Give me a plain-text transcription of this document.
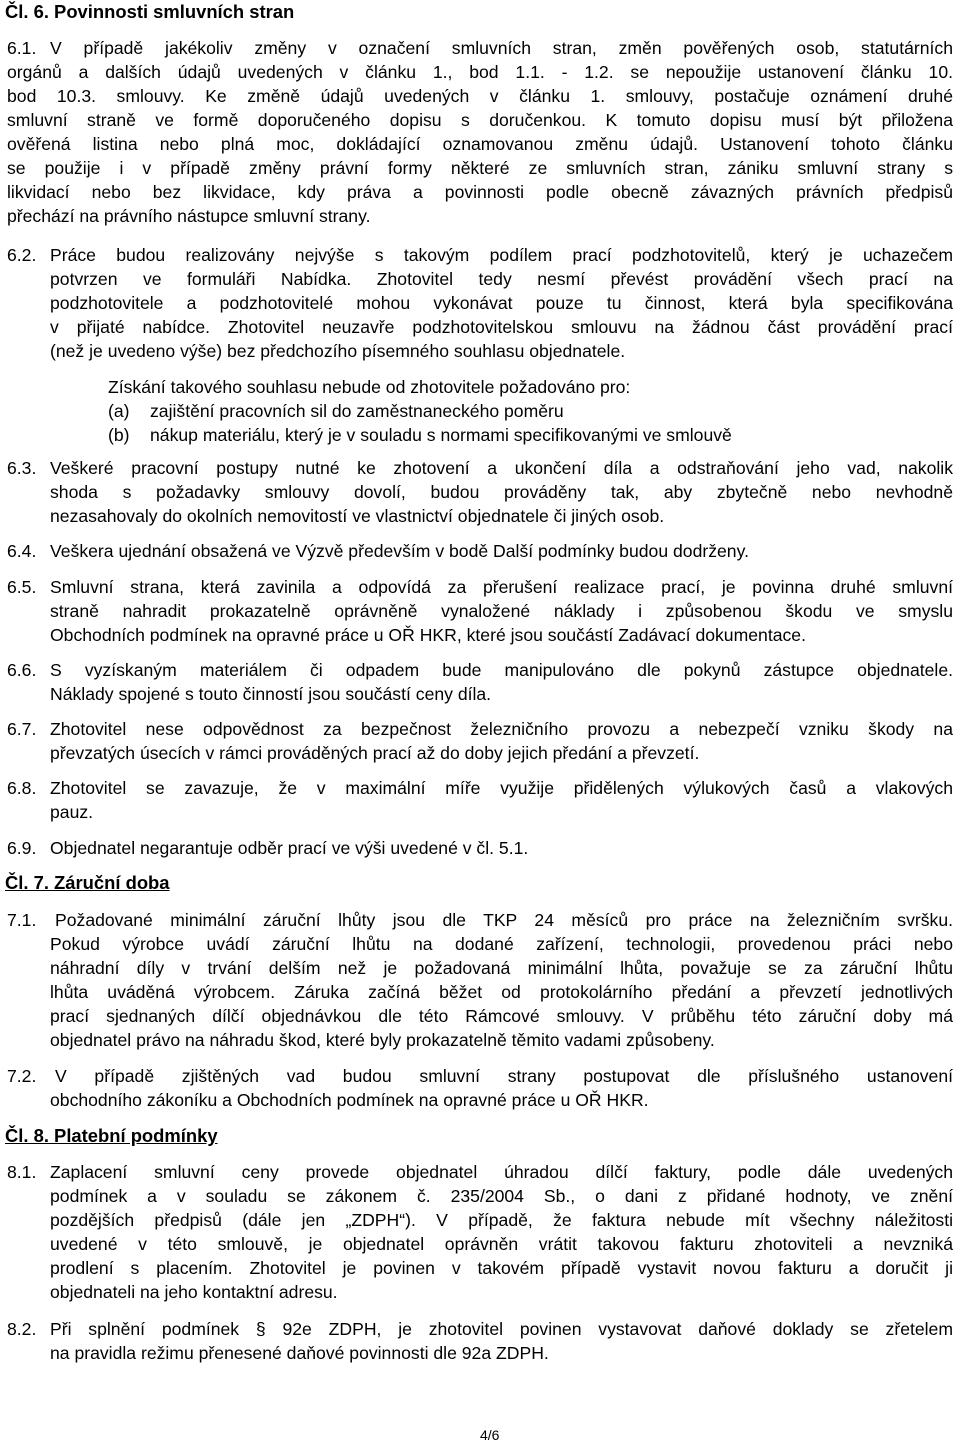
Čl. 6. Povinnosti smluvních stran
6.1. V případě jakékoliv změny v označení smluvních stran, změn pověřených osob, statutárních
orgánů a dalších údajů uvedených v článku 1., bod 1.1. - 1.2. se nepoužije ustanovení článku 10.
bod 10.3. smlouvy. Ke změně údajů uvedených v článku 1. smlouvy, postačuje oznámení druhé
smluvní straně ve formě doporučeného dopisu s doručenkou. K tomuto dopisu musí být přiložena
ověřená listina nebo plná moc, dokládající oznamovanou změnu údajů. Ustanovení tohoto článku
se použije i v případě změny právní formy některé ze smluvních stran, zániku smluvní strany s
likvidací nebo bez likvidace, kdy práva a povinnosti podle obecně závazných právních předpisů
přechází na právního nástupce smluvní strany.
6.2. Práce budou realizovány nejvýše s takovým podílem prací podzhotovitelů, který je uchazečem
potvrzen ve formuláři Nabídka. Zhotovitel tedy nesmí převést provádění všech prací na
podzhotovitele a podzhotovitelé mohou vykonávat pouze tu činnost, která byla specifikována
v přijaté nabídce. Zhotovitel neuzavře podzhotovitelskou smlouvu na žádnou část provádění prací
(než je uvedeno výše) bez předchozího písemného souhlasu objednatele.
Získání takového souhlasu nebude od zhotovitele požadováno pro:
(a) zajištění pracovních sil do zaměstnaneckého poměru
(b) nákup materiálu, který je v souladu s normami specifikovanými ve smlouvě
6.3. Veškeré pracovní postupy nutné ke zhotovení a ukončení díla a odstraňování jeho vad, nakolik
shoda s požadavky smlouvy dovolí, budou prováděny tak, aby zbytečně nebo nevhodně
nezasahovaly do okolních nemovitostí ve vlastnictví objednatele či jiných osob.
6.4. Veškera ujednání obsažená ve Výzvě především v bodě Další podmínky budou dodrženy.
6.5. Smluvní strana, která zavinila a odpovídá za přerušení realizace prací, je povinna druhé smluvní
straně nahradit prokazatelně oprávněně vynaložené náklady i způsobenou škodu ve smyslu
Obchodních podmínek na opravné práce u OŘ HKR, které jsou součástí Zadávací dokumentace.
6.6. S vyzískaným materiálem či odpadem bude manipulováno dle pokynů zástupce objednatele.
Náklady spojené s touto činností jsou součástí ceny díla.
6.7. Zhotovitel nese odpovědnost za bezpečnost železničního provozu a nebezpečí vzniku škody na
převzatých úsecích v rámci prováděných prací až do doby jejich předání a převzetí.
6.8. Zhotovitel se zavazuje, že v maximální míře využije přidělených výlukových časů a vlakových
pauz.
6.9. Objednatel negarantuje odběr prací ve výši uvedené v čl. 5.1.
Čl. 7. Záruční doba
7.1. Požadované minimální záruční lhůty jsou dle TKP 24 měsíců pro práce na železničním svršku.
Pokud výrobce uvádí záruční lhůtu na dodané zařízení, technologii, provedenou práci nebo
náhradní díly v trvání delším než je požadovaná minimální lhůta, považuje se za záruční lhůtu
lhůta uváděná výrobcem. Záruka začíná běžet od protokolárního předání a převzetí jednotlivých
prací sjednaných dílčí objednávkou dle této Rámcové smlouvy. V průběhu této záruční doby má
objednatel právo na náhradu škod, které byly prokazatelně těmito vadami způsobeny.
7.2. V případě zjištěných vad budou smluvní strany postupovat dle příslušného ustanovení
obchodního zákoníku a Obchodních podmínek na opravné práce u OŘ HKR.
Čl. 8. Platební podmínky
8.1. Zaplacení smluvní ceny provede objednatel úhradou dílčí faktury, podle dále uvedených
podmínek a v souladu se zákonem č. 235/2004 Sb., o dani z přidané hodnoty, ve znění
pozdějších předpisů (dále jen „ZDPH“). V případě, že faktura nebude mít všechny náležitosti
uvedené v této smlouvě, je objednatel oprávněn vrátit takovou fakturu zhotoviteli a nevzniká
prodlení s placením. Zhotovitel je povinen v takovém případě vystavit novou fakturu a doručit ji
objednateli na jeho kontaktní adresu.
8.2. Při splnění podmínek § 92e ZDPH, je zhotovitel povinen vystavovat daňové doklady se zřetelem
na pravidla režimu přenesené daňové povinnosti dle 92a ZDPH.
4/6
